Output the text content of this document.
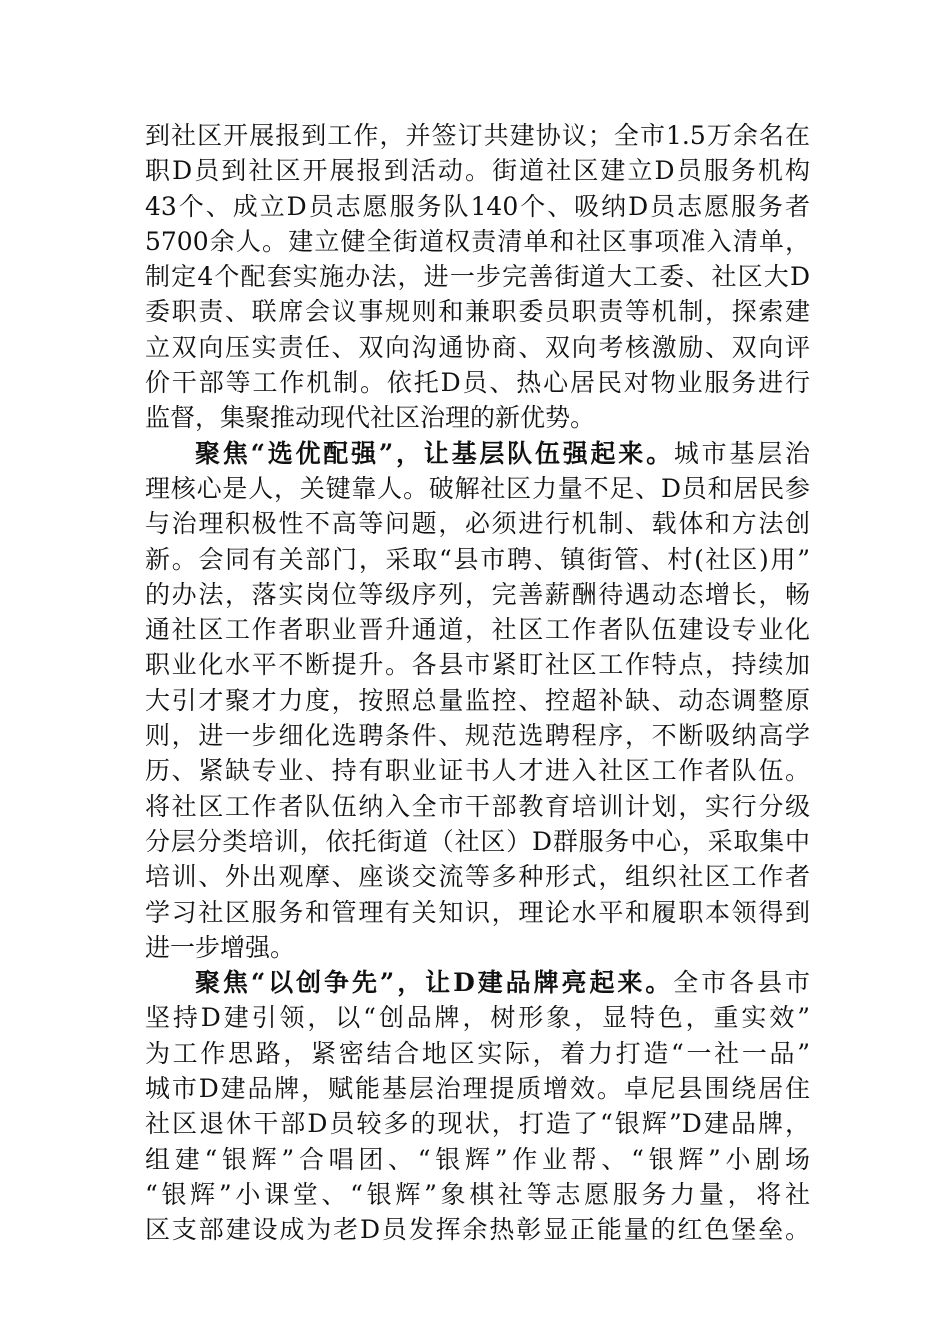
到社区开展报到工作，并签订共建协议；全市1.5万余名在
职D员到社区开展报到活动。街道社区建立D员服务机构
43个、成立D员志愿服务队140个、吸纳D员志愿服务者
5700余人。建立健全街道权责清单和社区事项准入清单，
制定4个配套实施办法，进一步完善街道大工委、社区大D
委职责、联席会议事规则和兼职委员职责等机制，探索建
立双向压实责任、双向沟通协商、双向考核激励、双向评
价干部等工作机制。依托D员、热心居民对物业服务进行
监督，集聚推动现代社区治理的新优势。
聚焦“选优配强”，让基层队伍强起来。城市基层治
理核心是人，关键靠人。破解社区力量不足、D员和居民参
与治理积极性不高等问题，必须进行机制、载体和方法创
新。会同有关部门，采取“县市聘、镇街管、村(社区)用”
的办法，落实岗位等级序列，完善薪酬待遇动态增长，畅
通社区工作者职业晋升通道，社区工作者队伍建设专业化
职业化水平不断提升。各县市紧盯社区工作特点，持续加
大引才聚才力度，按照总量监控、控超补缺、动态调整原
则，进一步细化选聘条件、规范选聘程序，不断吸纳高学
历、紧缺专业、持有职业证书人才进入社区工作者队伍。
将社区工作者队伍纳入全市干部教育培训计划，实行分级
分层分类培训，依托街道（社区）D群服务中心，采取集中
培训、外出观摩、座谈交流等多种形式，组织社区工作者
学习社区服务和管理有关知识，理论水平和履职本领得到
进一步增强。
聚焦“以创争先”，让D建品牌亮起来。全市各县市
坚持D建引领，以“创品牌，树形象，显特色，重实效”
为工作思路，紧密结合地区实际，着力打造“一社一品”
城市D建品牌，赋能基层治理提质增效。卓尼县围绕居住
社区退休干部D员较多的现状，打造了“银辉”D建品牌，
组建“银辉”合唱团、“银辉”作业帮、“银辉”小剧场
“银辉”小课堂、“银辉”象棋社等志愿服务力量，将社
区支部建设成为老D员发挥余热彰显正能量的红色堡垒。
